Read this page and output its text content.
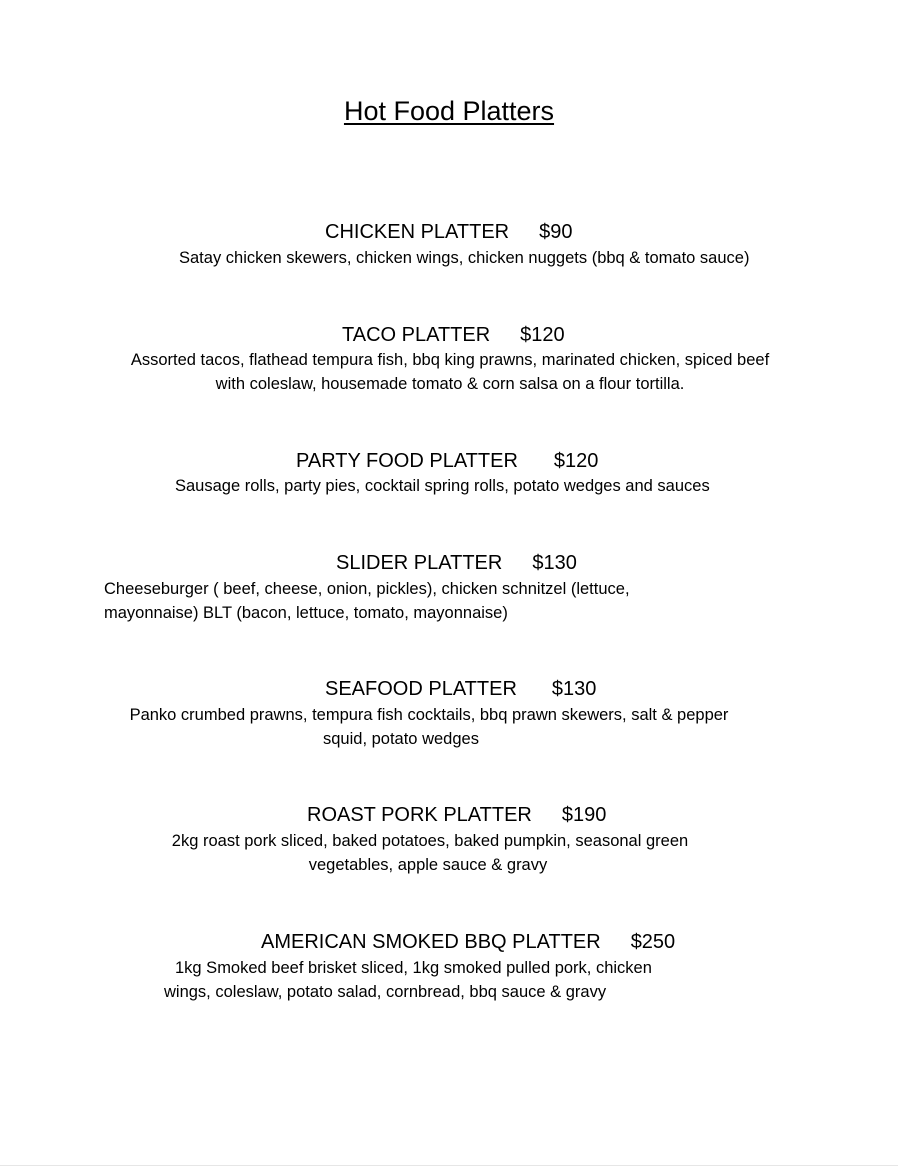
Hot Food Platters
CHICKEN PLATTER $90
Satay chicken skewers, chicken wings, chicken nuggets (bbq & tomato sauce)
TACO PLATTER $120
Assorted tacos, flathead tempura fish, bbq king prawns, marinated chicken, spiced beef
with coleslaw, housemade tomato & corn salsa on a flour tortilla.
PARTY FOOD PLATTER $120
Sausage rolls, party pies, cocktail spring rolls, potato wedges and sauces
SLIDER PLATTER $130
Cheeseburger ( beef, cheese, onion, pickles), chicken schnitzel (lettuce,
mayonnaise) BLT (bacon, lettuce, tomato, mayonnaise)
SEAFOOD PLATTER $130
Panko crumbed prawns, tempura fish cocktails, bbq prawn skewers, salt & pepper
squid, potato wedges
ROAST PORK PLATTER $190
2kg roast pork sliced, baked potatoes, baked pumpkin, seasonal green
vegetables, apple sauce & gravy
AMERICAN SMOKED BBQ PLATTER $250
1kg Smoked beef brisket sliced, 1kg smoked pulled pork, chicken
wings, coleslaw, potato salad, cornbread, bbq sauce & gravy
